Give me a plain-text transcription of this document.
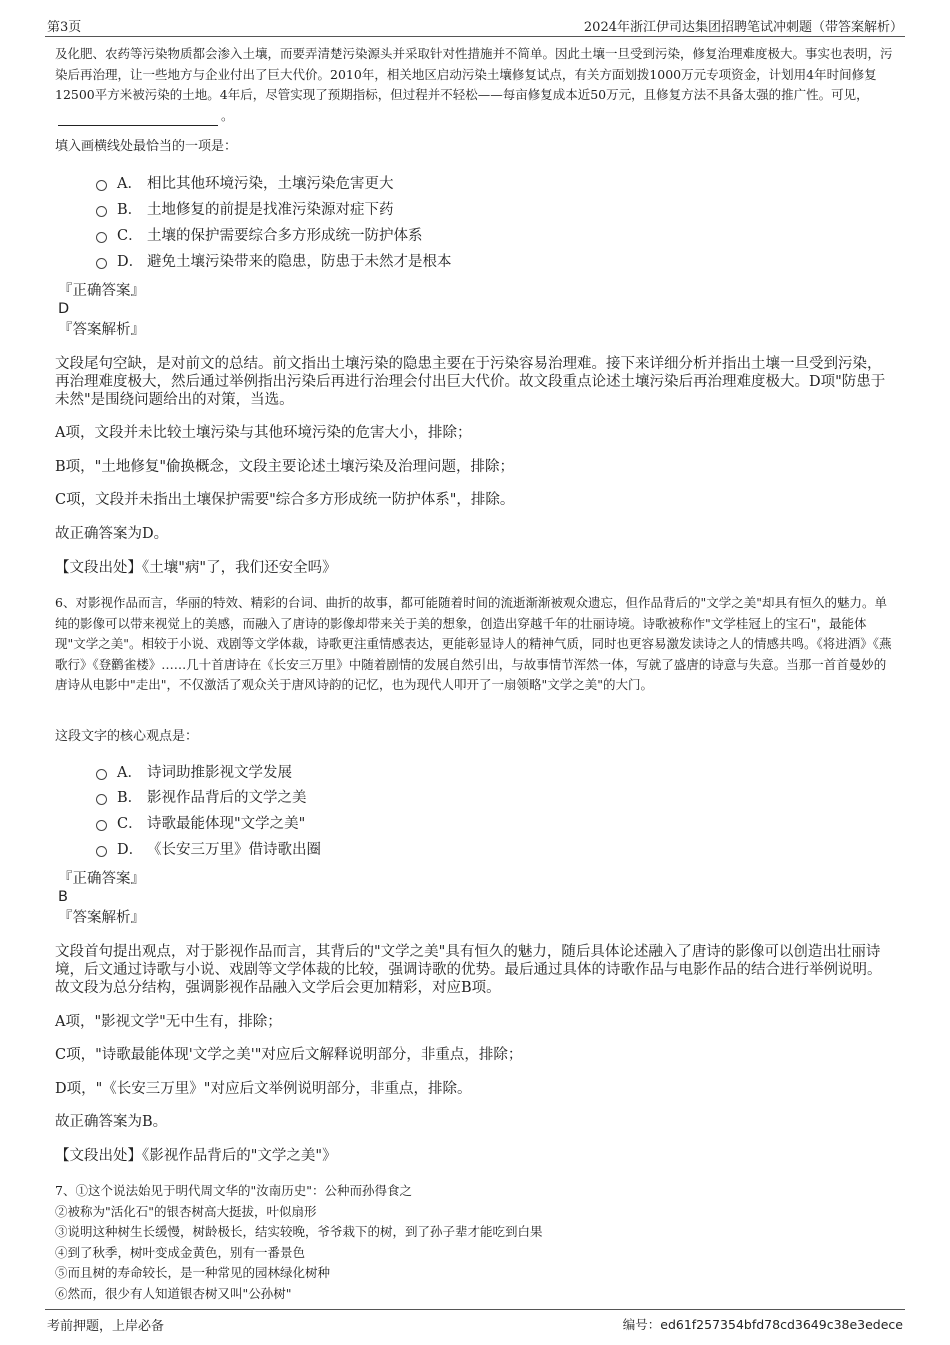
第3页	2024年浙江伊司达集团招聘笔试冲刺题（带答案解析）

及化肥、农药等污染物质都会渗入土壤，而要弄清楚污染源头并采取针对性措施并不简单。因此土壤一旦受到污染，修复治理难度极大。事实也表明，污染后再治理，让一些地方与企业付出了巨大代价。2010年，相关地区启动污染土壤修复试点，有关方面划拨1000万元专项资金，计划用4年时间修复12500平方米被污染的土地。4年后，尽管实现了预期指标，但过程并不轻松——每亩修复成本近50万元，且修复方法不具备太强的推广性。可见，。

填入画横线处最恰当的一项是：

A． 相比其他环境污染，土壤污染危害更大
B． 土地修复的前提是找准污染源对症下药
C． 土壤的保护需要综合多方形成统一防护体系
D． 避免土壤污染带来的隐患，防患于未然才是根本
『正确答案』
D
『答案解析』

文段尾句空缺，是对前文的总结。前文指出土壤污染的隐患主要在于污染容易治理难。接下来详细分析并指出土壤一旦受到污染，再治理难度极大，然后通过举例指出污染后再进行治理会付出巨大代价。故文段重点论述土壤污染后再治理难度极大。D项"防患于未然"是围绕问题给出的对策，当选。

A项，文段并未比较土壤污染与其他环境污染的危害大小，排除；

B项，"土地修复"偷换概念，文段主要论述土壤污染及治理问题，排除；

C项，文段并未指出土壤保护需要"综合多方形成统一防护体系"，排除。

故正确答案为D。

【文段出处】《土壤"病"了，我们还安全吗》

6、对影视作品而言，华丽的特效、精彩的台词、曲折的故事，都可能随着时间的流逝渐渐被观众遗忘，但作品背后的"文学之美"却具有恒久的魅力。单纯的影像可以带来视觉上的美感，而融入了唐诗的影像却带来关于美的想象，创造出穿越千年的壮丽诗境。诗歌被称作"文学桂冠上的宝石"，最能体现"文学之美"。相较于小说、戏剧等文学体裁，诗歌更注重情感表达，更能彰显诗人的精神气质，同时也更容易激发读诗之人的情感共鸣。《将进酒》《燕歌行》《登鹳雀楼》……几十首唐诗在《长安三万里》中随着剧情的发展自然引出，与故事情节浑然一体，写就了盛唐的诗意与失意。当那一首首曼妙的唐诗从电影中"走出"，不仅激活了观众关于唐风诗韵的记忆，也为现代人叩开了一扇领略"文学之美"的大门。

这段文字的核心观点是：

A． 诗词助推影视文学发展
B． 影视作品背后的文学之美
C． 诗歌最能体现"文学之美"
D． 《长安三万里》借诗歌出圈
『正确答案』
B
『答案解析』

文段首句提出观点，对于影视作品而言，其背后的"文学之美"具有恒久的魅力，随后具体论述融入了唐诗的影像可以创造出壮丽诗境，后文通过诗歌与小说、戏剧等文学体裁的比较，强调诗歌的优势。最后通过具体的诗歌作品与电影作品的结合进行举例说明。故文段为总分结构，强调影视作品融入文学后会更加精彩，对应B项。

A项，"影视文学"无中生有，排除；

C项，"诗歌最能体现'文学之美'"对应后文解释说明部分，非重点，排除；

D项，"《长安三万里》"对应后文举例说明部分，非重点，排除。

故正确答案为B。

【文段出处】《影视作品背后的"文学之美"》

7、①这个说法始见于明代周文华的"汝南历史"：公种而孙得食之
②被称为"活化石"的银杏树高大挺拔，叶似扇形
③说明这种树生长缓慢，树龄极长，结实较晚，爷爷栽下的树，到了孙子辈才能吃到白果
④到了秋季，树叶变成金黄色，别有一番景色
⑤而且树的寿命较长，是一种常见的园林绿化树种
⑥然而，很少有人知道银杏树又叫"公孙树"
考前押题，上岸必备	编号：ed61f257354bfd78cd3649c38e3edece
